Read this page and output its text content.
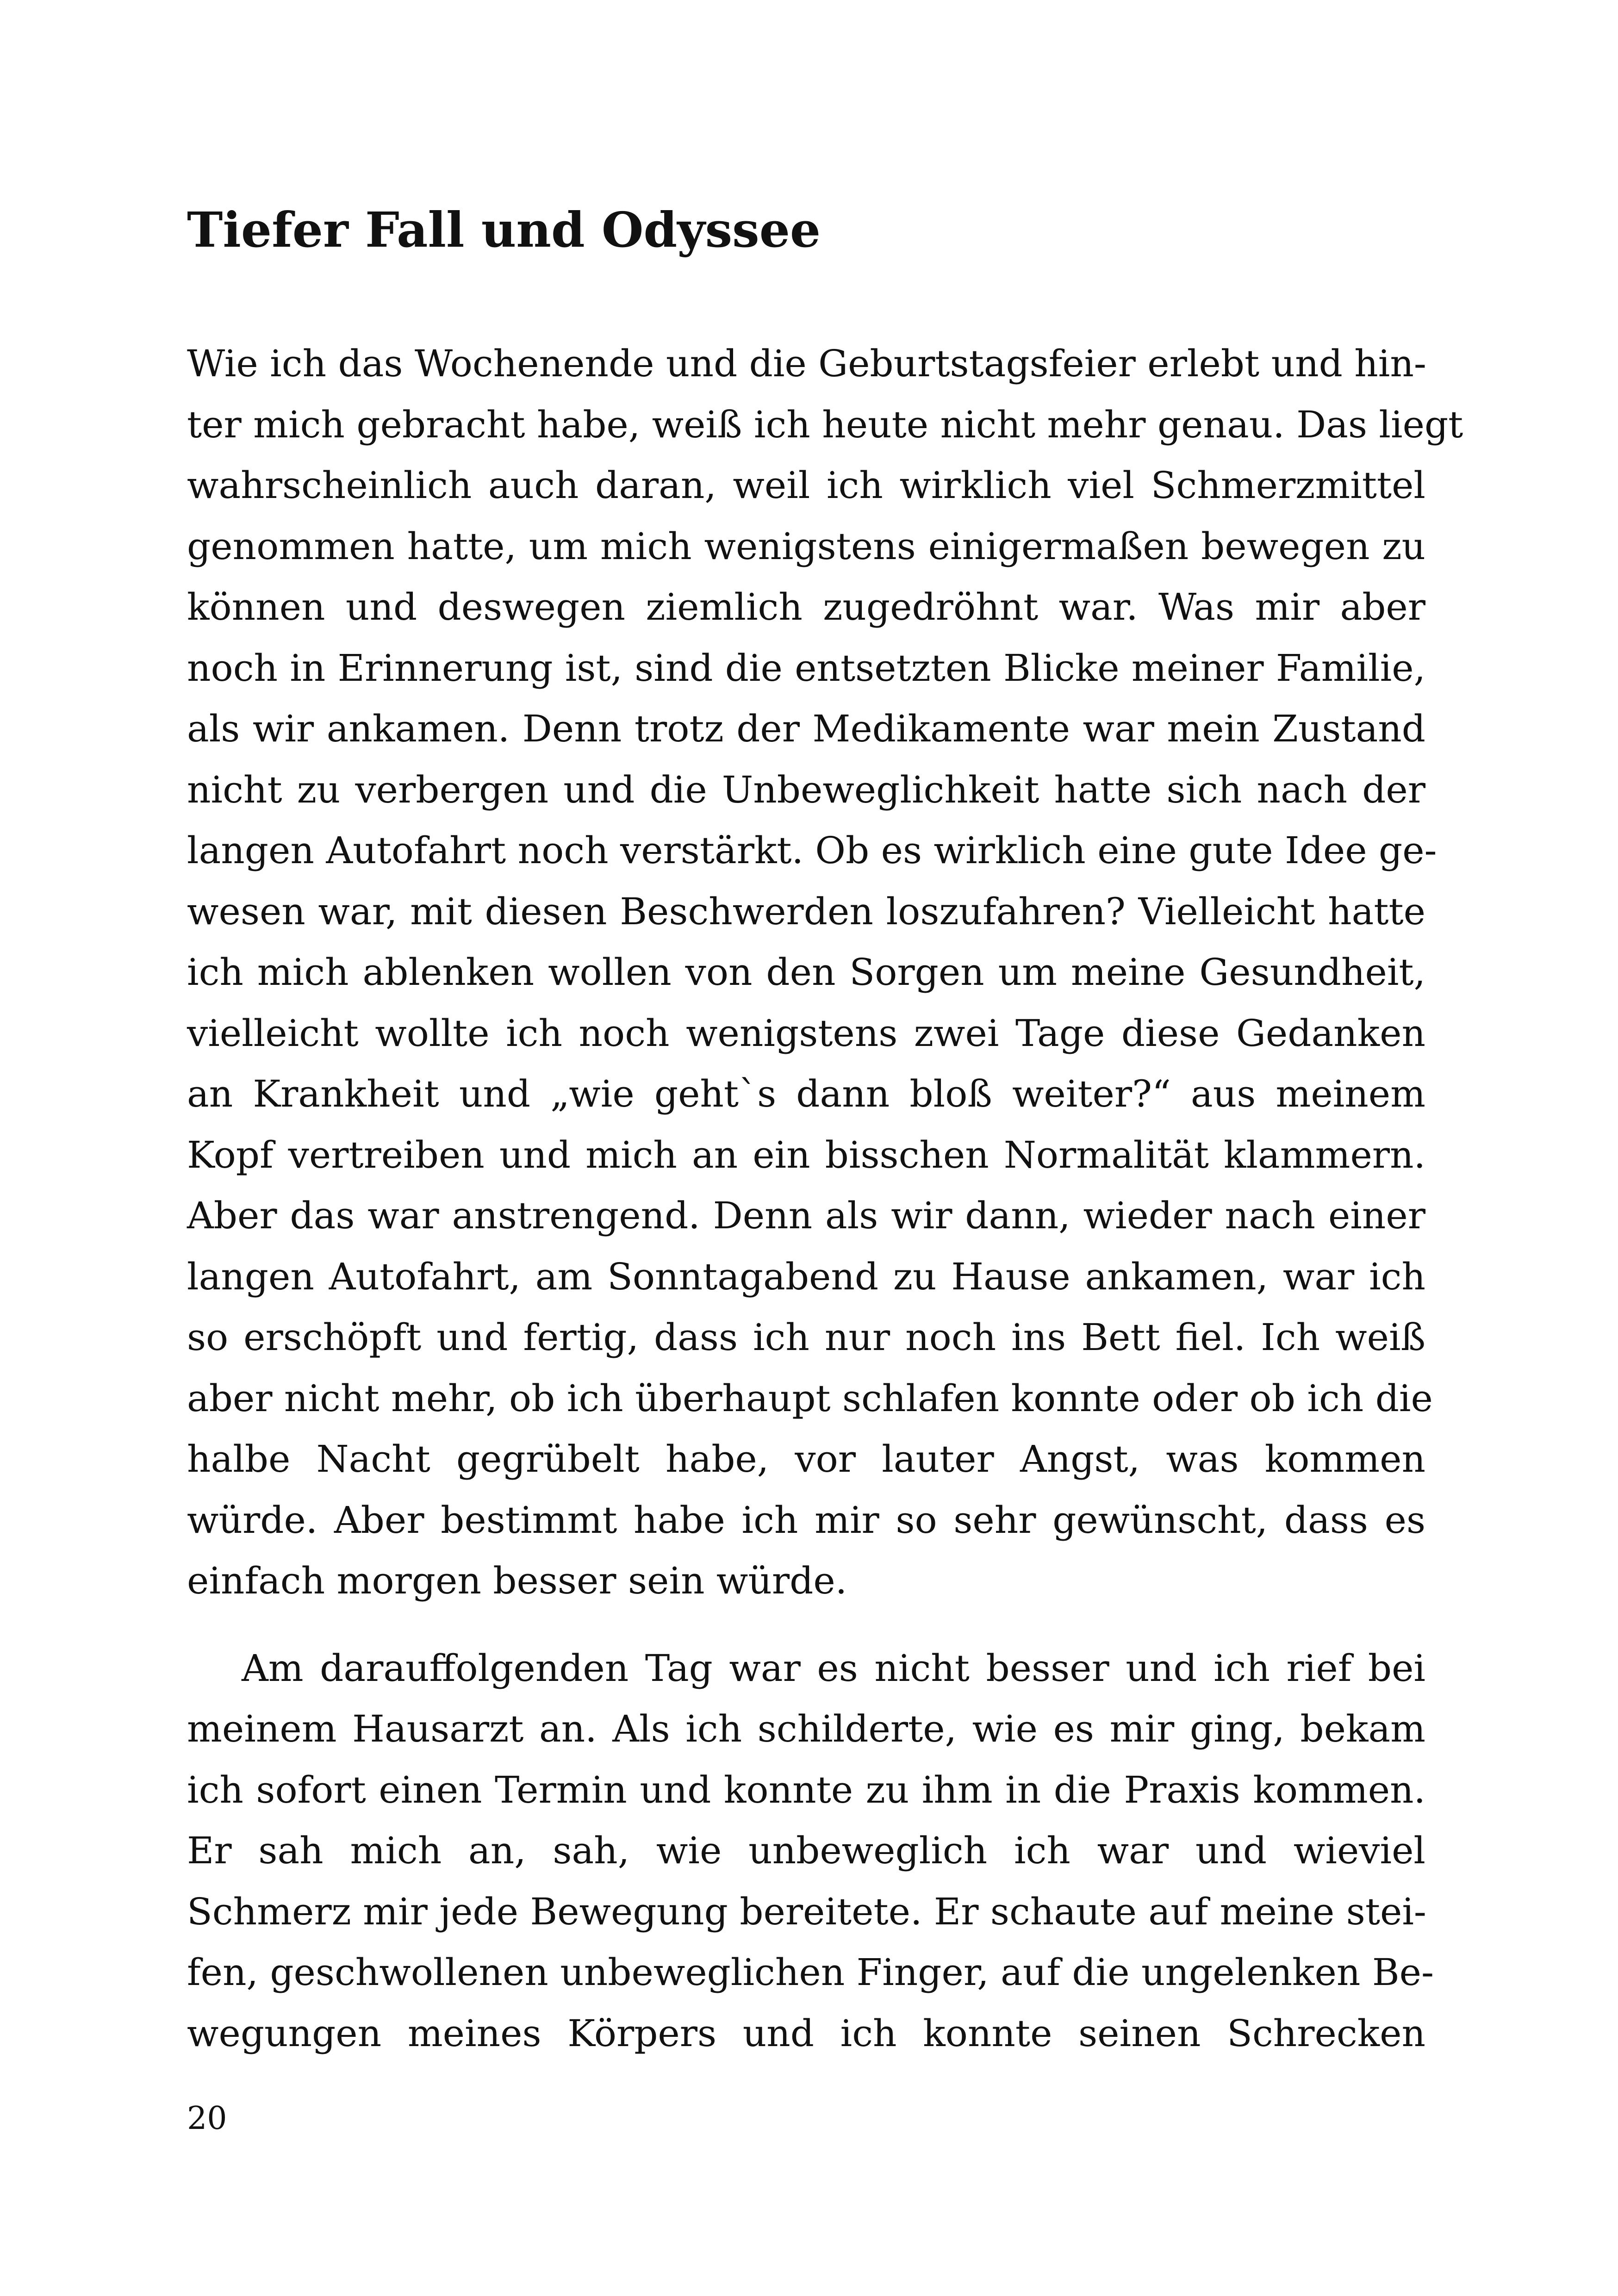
Tiefer Fall und Odyssee

Wie ich das Wochenende und die Geburtstagsfeier erlebt und hin-
ter mich gebracht habe, weiß ich heute nicht mehr genau. Das liegt
wahrscheinlich auch daran, weil ich wirklich viel Schmerzmittel
genommen hatte, um mich wenigstens einigermaßen bewegen zu
können und deswegen ziemlich zugedröhnt war. Was mir aber
noch in Erinnerung ist, sind die entsetzten Blicke meiner Familie,
als wir ankamen. Denn trotz der Medikamente war mein Zustand
nicht zu verbergen und die Unbeweglichkeit hatte sich nach der
langen Autofahrt noch verstärkt. Ob es wirklich eine gute Idee ge-
wesen war, mit diesen Beschwerden loszufahren? Vielleicht hatte
ich mich ablenken wollen von den Sorgen um meine Gesundheit,
vielleicht wollte ich noch wenigstens zwei Tage diese Gedanken
an Krankheit und „wie geht`s dann bloß weiter?“ aus meinem
Kopf vertreiben und mich an ein bisschen Normalität klammern.
Aber das war anstrengend. Denn als wir dann, wieder nach einer
langen Autofahrt, am Sonntagabend zu Hause ankamen, war ich
so erschöpft und fertig, dass ich nur noch ins Bett fiel. Ich weiß
aber nicht mehr, ob ich überhaupt schlafen konnte oder ob ich die
halbe Nacht gegrübelt habe, vor lauter Angst, was kommen
würde. Aber bestimmt habe ich mir so sehr gewünscht, dass es
einfach morgen besser sein würde.

Am darauffolgenden Tag war es nicht besser und ich rief bei
meinem Hausarzt an. Als ich schilderte, wie es mir ging, bekam
ich sofort einen Termin und konnte zu ihm in die Praxis kommen.
Er sah mich an, sah, wie unbeweglich ich war und wieviel
Schmerz mir jede Bewegung bereitete. Er schaute auf meine stei-
fen, geschwollenen unbeweglichen Finger, auf die ungelenken Be-
wegungen meines Körpers und ich konnte seinen Schrecken

20
